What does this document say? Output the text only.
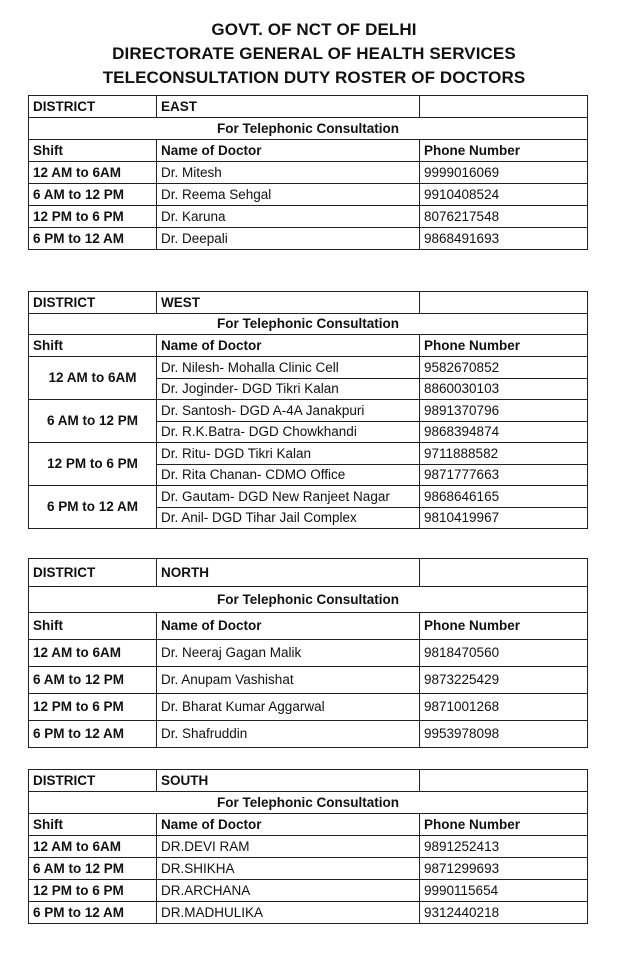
GOVT. OF NCT OF DELHI
DIRECTORATE GENERAL OF HEALTH SERVICES
TELECONSULTATION DUTY ROSTER OF DOCTORS
DISTRICT	EAST	
For Telephonic Consultation		
Shift	Name of Doctor	Phone Number
12 AM to 6AM	Dr. Mitesh	9999016069
6 AM to 12 PM	Dr. Reema Sehgal	9910408524
12 PM to 6 PM	Dr. Karuna	8076217548
6 PM to 12 AM	Dr. Deepali	9868491693
DISTRICT	WEST	
For Telephonic Consultation		
Shift	Name of Doctor	Phone Number
12 AM to 6AM	Dr. Nilesh- Mohalla Clinic Cell	9582670852
	Dr. Joginder- DGD Tikri Kalan	8860030103
6 AM to 12 PM	Dr. Santosh- DGD A-4A Janakpuri	9891370796
	Dr. R.K.Batra- DGD Chowkhandi	9868394874
12 PM to 6 PM	Dr. Ritu- DGD Tikri Kalan	9711888582
	Dr. Rita Chanan- CDMO Office	9871777663
6 PM to 12 AM	Dr. Gautam- DGD New Ranjeet Nagar	9868646165
	Dr. Anil- DGD Tihar Jail Complex	9810419967
DISTRICT	NORTH	
For Telephonic Consultation		
Shift	Name of Doctor	Phone Number
12 AM to 6AM	Dr. Neeraj Gagan Malik	9818470560
6 AM to 12 PM	Dr. Anupam Vashishat	9873225429
12 PM to 6 PM	Dr. Bharat Kumar Aggarwal	9871001268
6 PM to 12 AM	Dr. Shafruddin	9953978098
DISTRICT	SOUTH	
For Telephonic Consultation		
Shift	Name of Doctor	Phone Number
12 AM to 6AM	DR.DEVI RAM	9891252413
6 AM to 12 PM	DR.SHIKHA	9871299693
12 PM to 6 PM	DR.ARCHANA	9990115654
6 PM to 12 AM	DR.MADHULIKA	9312440218
